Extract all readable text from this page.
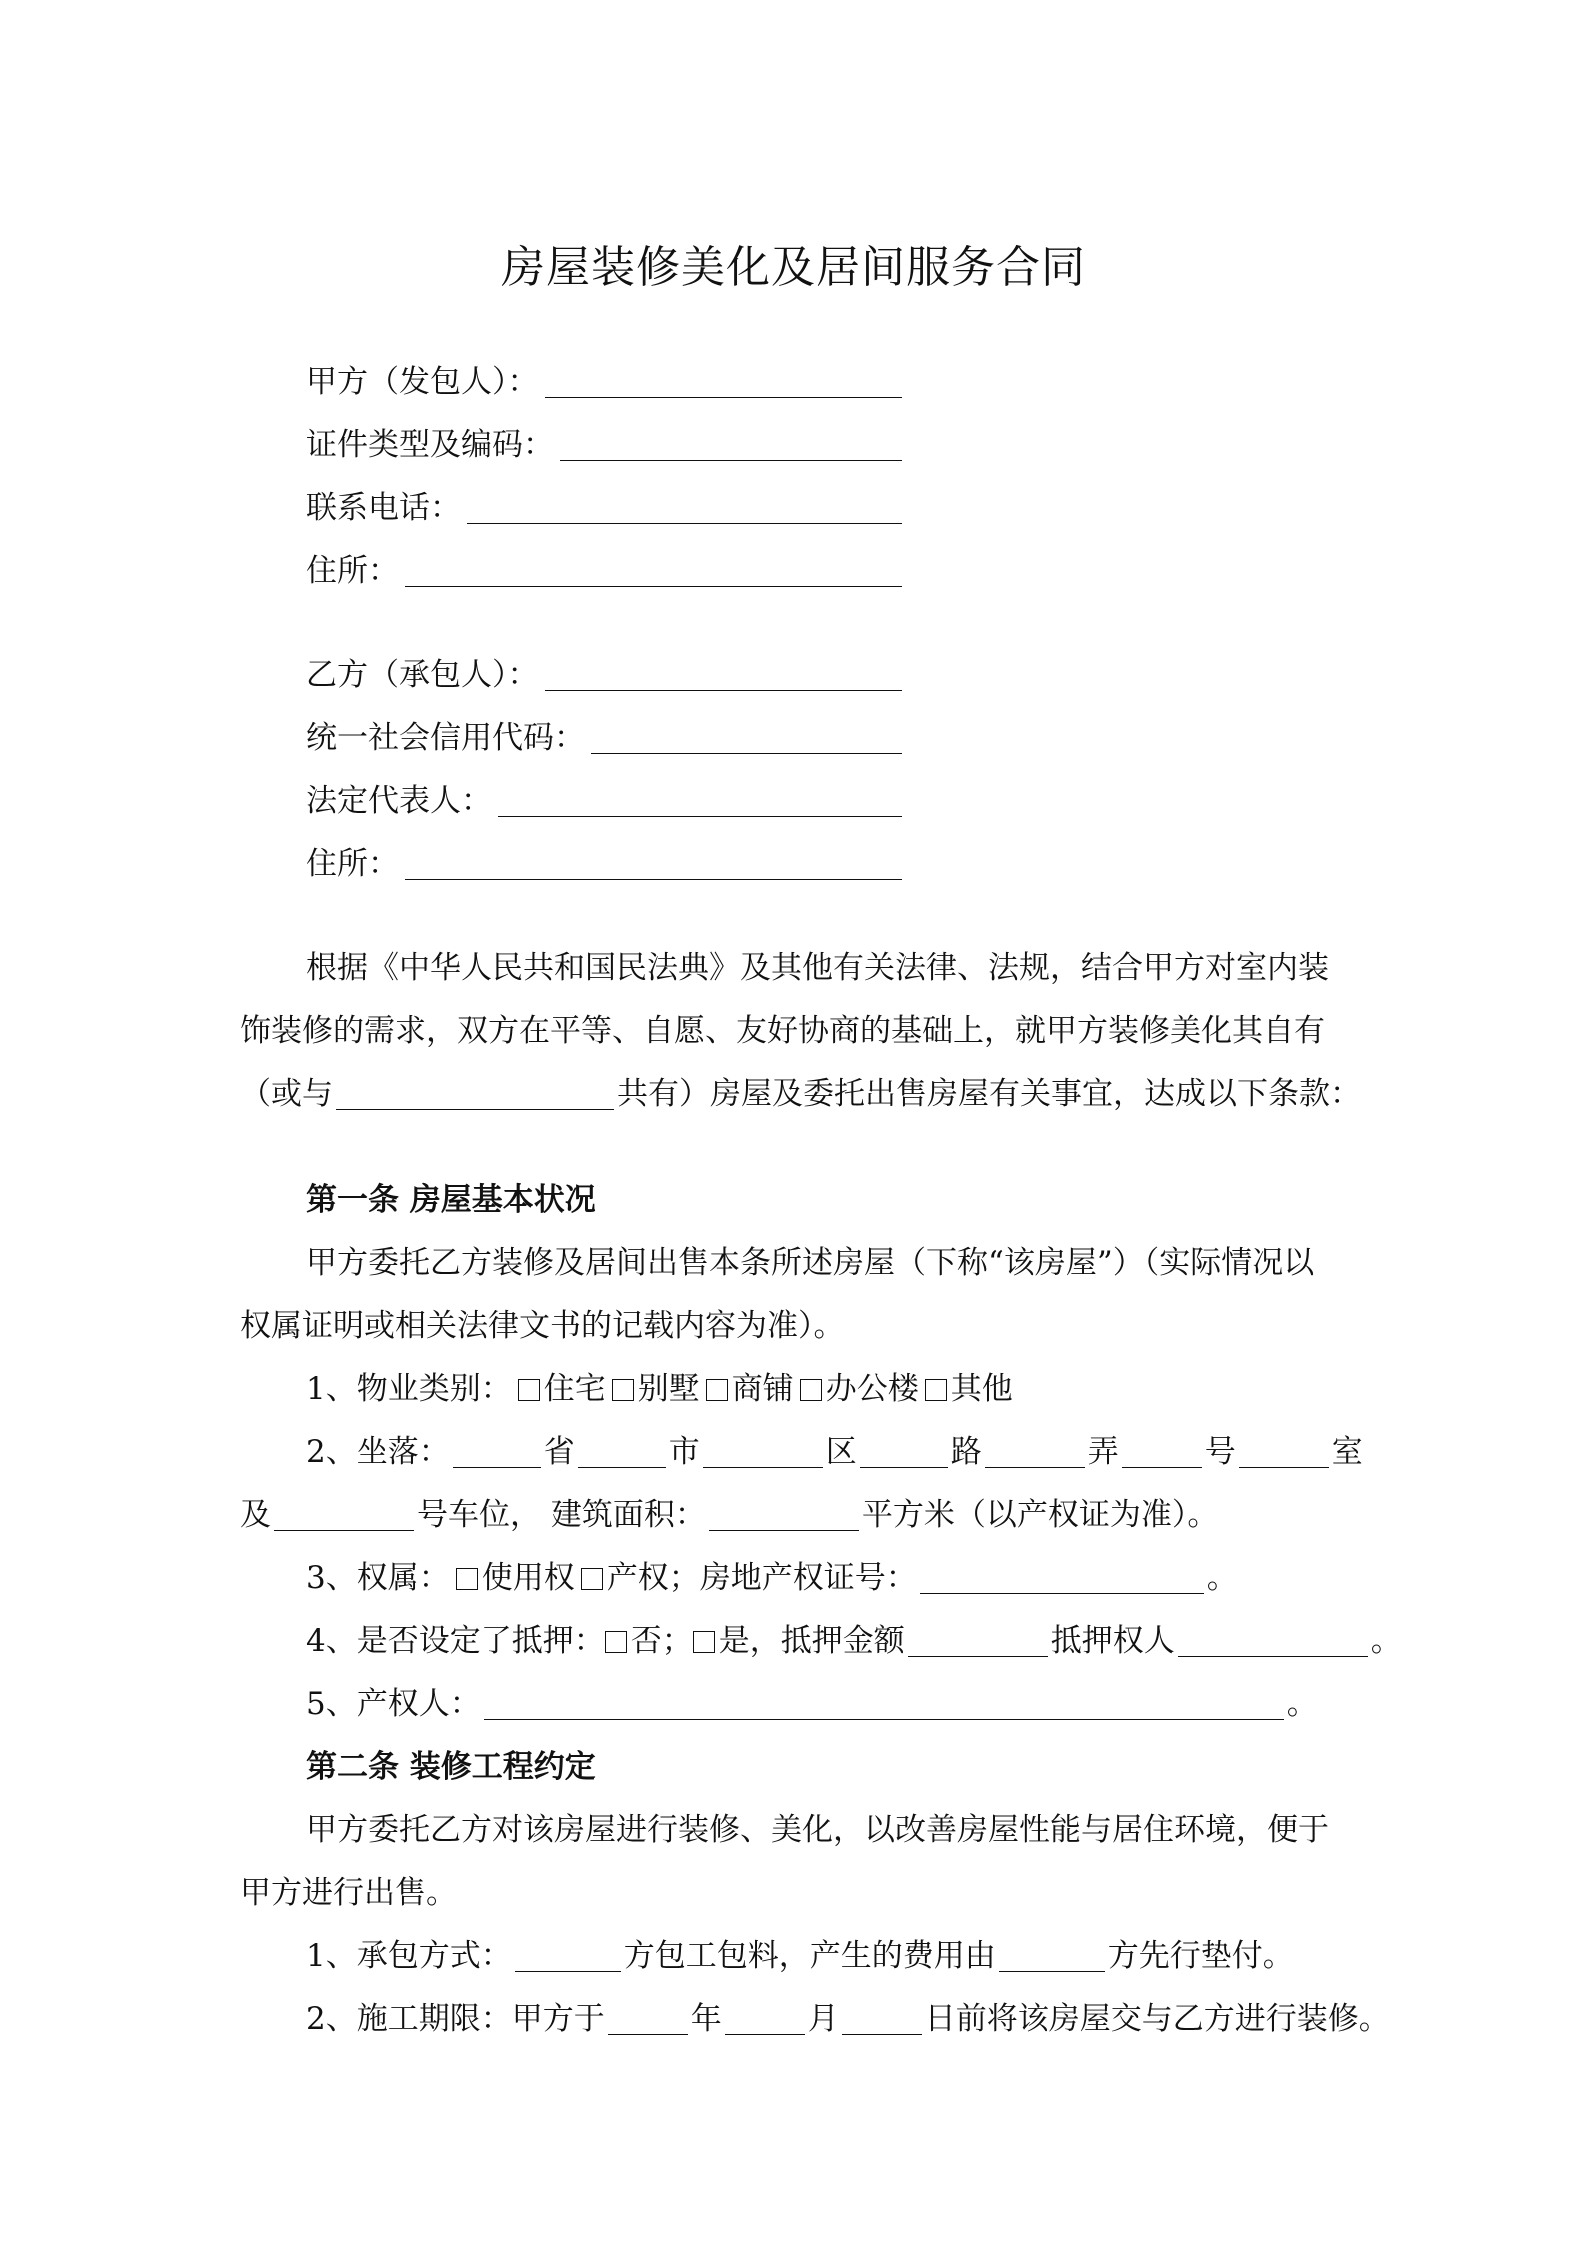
房屋装修美化及居间服务合同
甲方（发包人）：
证件类型及编码：
联系电话：
住所：
乙方（承包人）：
统一社会信用代码：
法定代表人：
住所：
根据《中华人民共和国民法典》及其他有关法律、法规，结合甲方对室内装
饰装修的需求，双方在平等、自愿、友好协商的基础上，就甲方装修美化其自有
（或与	共有）房屋及委托出售房屋有关事宜，达成以下条款：
第一条 房屋基本状况
甲方委托乙方装修及居间出售本条所述房屋（下称“该房屋”）（实际情况以
权属证明或相关法律文书的记载内容为准）。
1、物业类别： 住宅 别墅 商铺 办公楼 其他
2、坐落：	省	市	区	路	弄	号	室
及	号车位， 建筑面积：	平方米（以产权证为准）。
3、权属： 使用权 产权；房地产权证号：	。
4、是否设定了抵押： 否； 是，抵押金额	抵押权人	。
5、产权人：	。
第二条 装修工程约定
甲方委托乙方对该房屋进行装修、美化，以改善房屋性能与居住环境，便于
甲方进行出售。
1、承包方式：	方包工包料，产生的费用由	方先行垫付。
2、施工期限：甲方于	年	月	日前将该房屋交与乙方进行装修。
